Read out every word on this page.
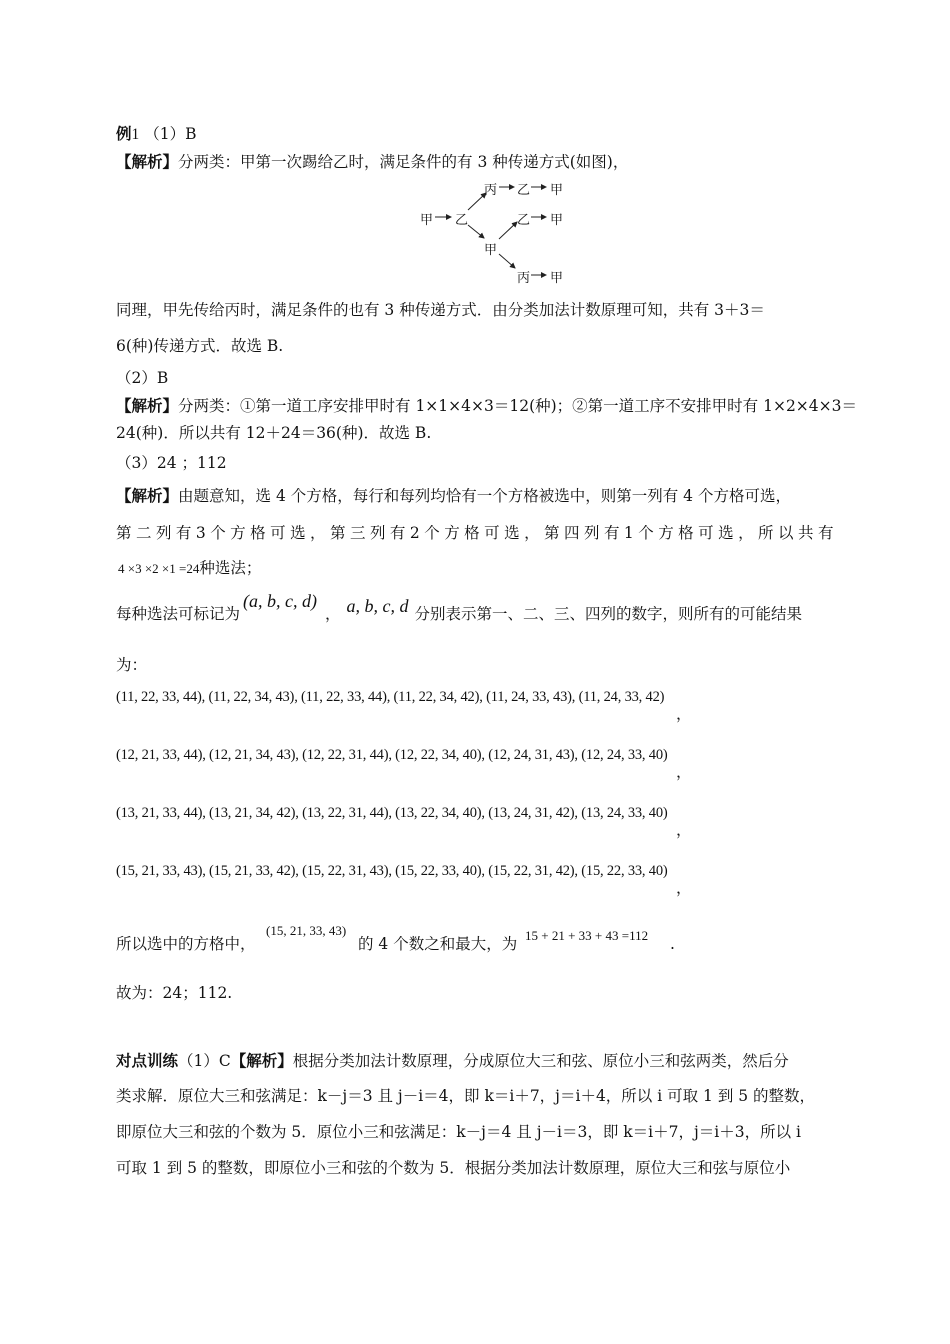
例1 （1）B
【解析】分两类：甲第一次踢给乙时，满足条件的有 3 种传递方式(如图)，
甲 乙
丙 乙 甲
甲
乙 甲
丙 甲
同理，甲先传给丙时，满足条件的也有 3 种传递方式．由分类加法计数原理可知，共有 3＋3＝
6(种)传递方式．故选 B.
（2）B
【解析】分两类：①第一道工序安排甲时有 1×1×4×3＝12(种)；②第一道工序不安排甲时有 1×2×4×3＝
24(种)．所以共有 12＋24＝36(种)．故选 B.
（3）24 ；112
【解析】由题意知，选 4 个方格，每行和每列均恰有一个方格被选中，则第一列有 4 个方格可选，
第 二 列 有 3 个 方 格 可 选 ， 第 三 列 有 2 个 方 格 可 选 ， 第 四 列 有 1 个 方 格 可 选 ， 所 以 共 有
4 ×3 ×2 ×1 =24种选法；
每种选法可标记为(a, b, c, d)， a, b, c, d 分别表示第一、二、三、四列的数字，则所有的可能结果
为：
(11, 22, 33, 44), (11, 22, 34, 43), (11, 22, 33, 44), (11, 22, 34, 42), (11, 24, 33, 43), (11, 24, 33, 42)
，
(12, 21, 33, 44), (12, 21, 34, 43), (12, 22, 31, 44), (12, 22, 34, 40), (12, 24, 31, 43), (12, 24, 33, 40)
，
(13, 21, 33, 44), (13, 21, 34, 42), (13, 22, 31, 44), (13, 22, 34, 40), (13, 24, 31, 42), (13, 24, 33, 40)
，
(15, 21, 33, 43), (15, 21, 33, 42), (15, 22, 31, 43), (15, 22, 33, 40), (15, 22, 31, 42), (15, 22, 33, 40)
，
所以选中的方格中，
(15, 21, 33, 43)
的 4 个数之和最大，为 15 + 21 + 33 + 43 =112 .
故为：24；112.
对点训练（1）C【解析】根据分类加法计数原理，分成原位大三和弦、原位小三和弦两类，然后分
类求解．原位大三和弦满足：k－j＝3 且 j－i＝4，即 k＝i＋7，j＝i＋4，所以 i 可取 1 到 5 的整数，
即原位大三和弦的个数为 5．原位小三和弦满足：k－j＝4 且 j－i＝3，即 k＝i＋7，j＝i＋3，所以 i
可取 1 到 5 的整数，即原位小三和弦的个数为 5．根据分类加法计数原理，原位大三和弦与原位小
